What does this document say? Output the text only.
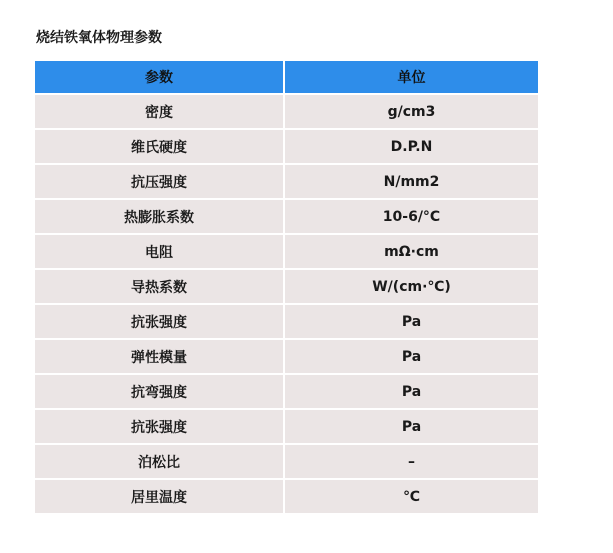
烧结铁氧体物理参数
参数	单位
密度	g/cm3
维氏硬度	D.P.N
抗压强度	N/mm2
热膨胀系数	10-6/°C
电阻	mΩ·cm
导热系数	W/(cm·℃)
抗张强度	Pa
弹性模量	Pa
抗弯强度	Pa
抗张强度	Pa
泊松比	–
居里温度	℃
